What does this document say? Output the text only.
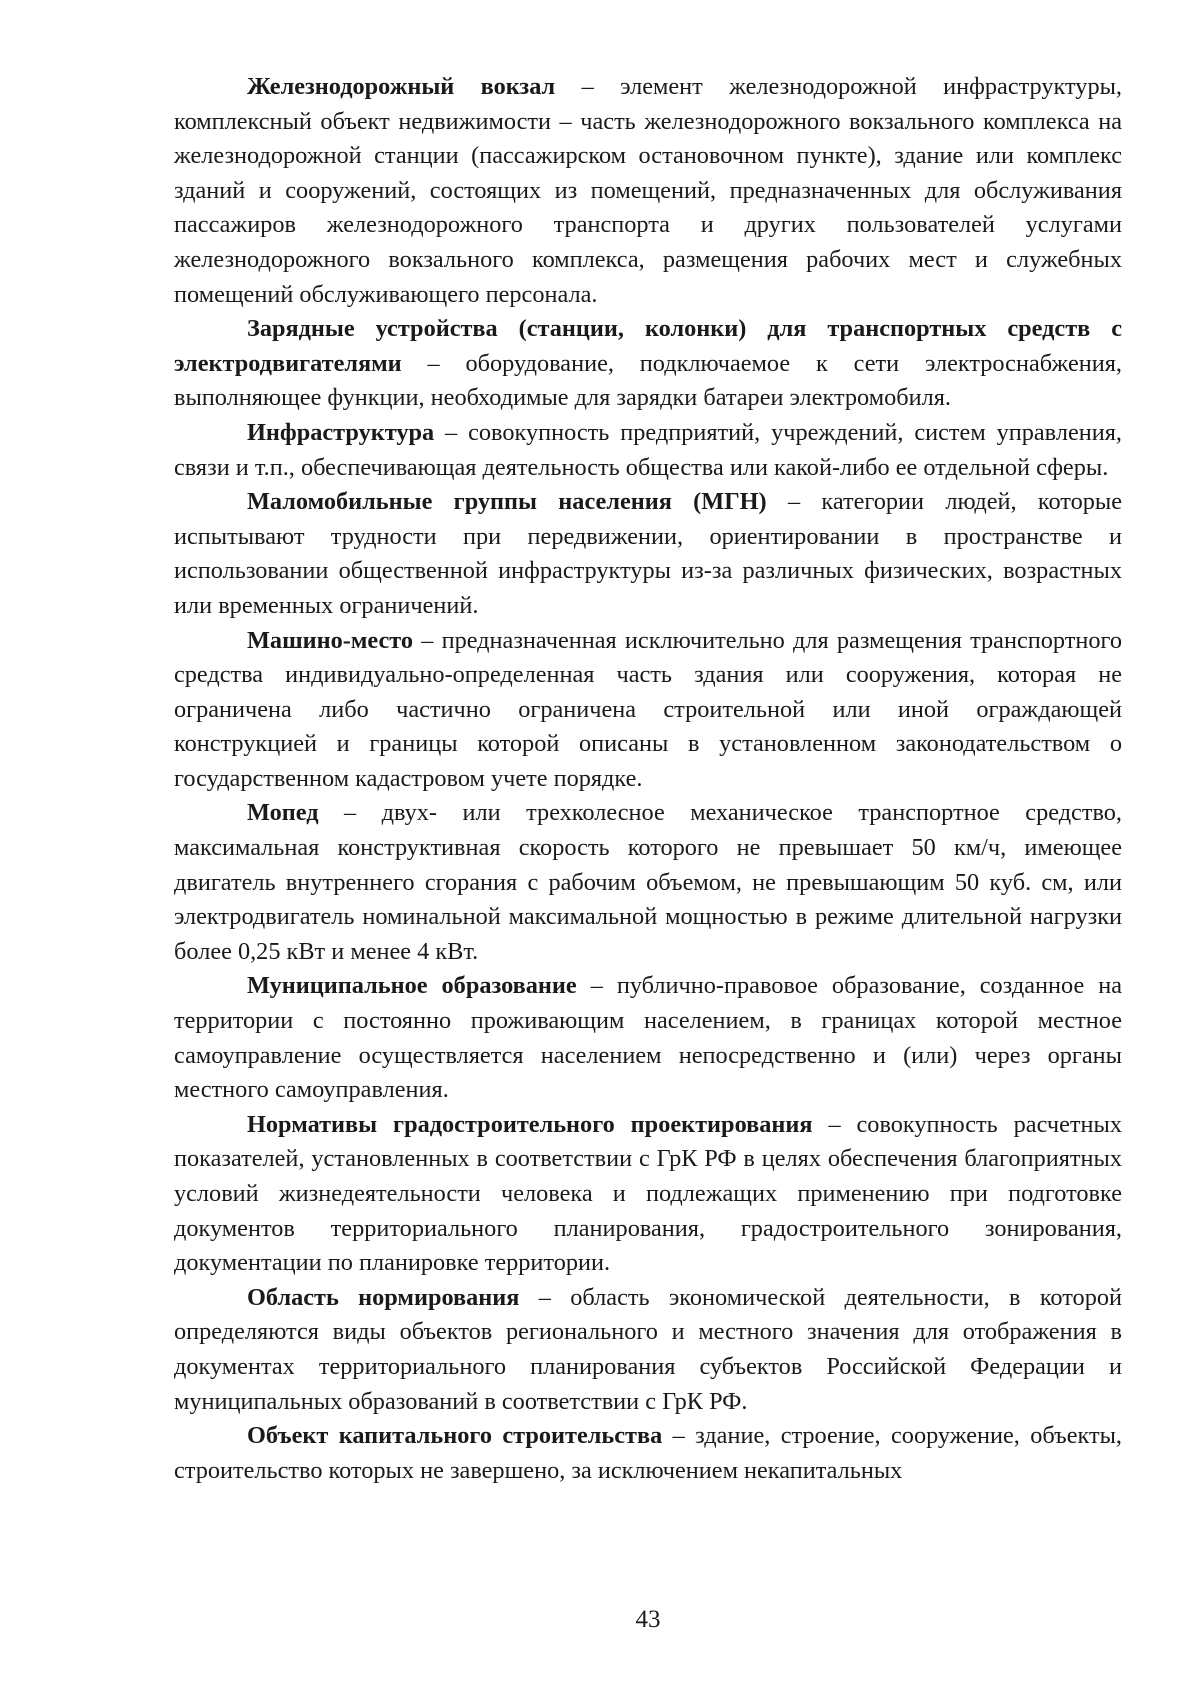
Железнодорожный вокзал – элемент железнодорожной инфраструктуры, комплексный объект недвижимости – часть железнодорожного вокзального комплекса на железнодорожной станции (пассажирском остановочном пункте), здание или комплекс зданий и сооружений, состоящих из помещений, предназначенных для обслуживания пассажиров железнодорожного транспорта и других пользователей услугами железнодорожного вокзального комплекса, размещения рабочих мест и служебных помещений обслуживающего персонала.

Зарядные устройства (станции, колонки) для транспортных средств с электродвигателями – оборудование, подключаемое к сети электроснабжения, выполняющее функции, необходимые для зарядки батареи электромобиля.

Инфраструктура – совокупность предприятий, учреждений, систем управления, связи и т.п., обеспечивающая деятельность общества или какой-либо ее отдельной сферы.

Маломобильные группы населения (МГН) – категории людей, которые испытывают трудности при передвижении, ориентировании в пространстве и использовании общественной инфраструктуры из-за различных физических, возрастных или временных ограничений.

Машино-место – предназначенная исключительно для размещения транспортного средства индивидуально-определенная часть здания или сооружения, которая не ограничена либо частично ограничена строительной или иной ограждающей конструкцией и границы которой описаны в установленном законодательством о государственном кадастровом учете порядке.

Мопед – двух- или трехколесное механическое транспортное средство, максимальная конструктивная скорость которого не превышает 50 км/ч, имеющее двигатель внутреннего сгорания с рабочим объемом, не превышающим 50 куб. см, или электродвигатель номинальной максимальной мощностью в режиме длительной нагрузки более 0,25 кВт и менее 4 кВт.

Муниципальное образование – публично-правовое образование, созданное на территории с постоянно проживающим населением, в границах которой местное самоуправление осуществляется населением непосредственно и (или) через органы местного самоуправления.

Нормативы градостроительного проектирования – совокупность расчетных показателей, установленных в соответствии с ГрК РФ в целях обеспечения благоприятных условий жизнедеятельности человека и подлежащих применению при подготовке документов территориального планирования, градостроительного зонирования, документации по планировке территории.

Область нормирования – область экономической деятельности, в которой определяются виды объектов регионального и местного значения для отображения в документах территориального планирования субъектов Российской Федерации и муниципальных образований в соответствии с ГрК РФ.

Объект капитального строительства – здание, строение, сооружение, объекты, строительство которых не завершено, за исключением некапитальных

43
